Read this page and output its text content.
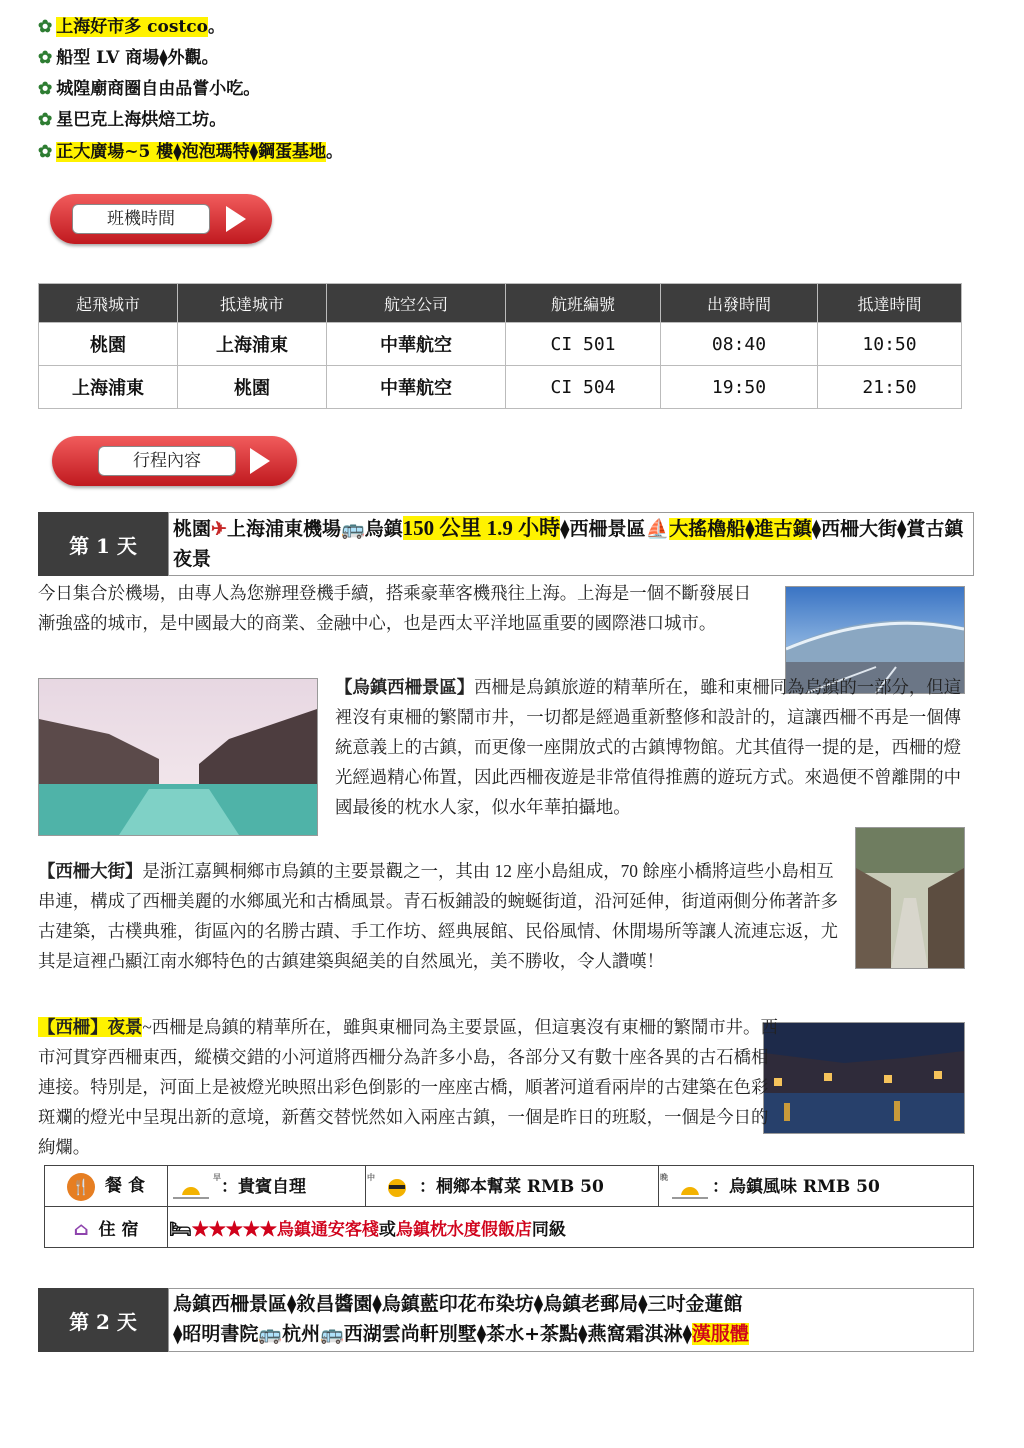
✿ 上海好市多 costco。
✿ 船型 LV 商場⧫外觀。
✿ 城隍廟商圈自由品嘗小吃。
✿ 星巴克上海烘焙工坊。
✿ 正大廣場~5 樓⧫泡泡瑪特⧫鋼蛋基地。
班機時間
起飛城市	抵達城市	航空公司	航班編號	出發時間	抵達時間
桃園	上海浦東	中華航空	CI 501	08:40	10:50
上海浦東	桃園	中華航空	CI 504	19:50	21:50
行程內容
第 1 天
桃園✈上海浦東機場🚌烏鎮150 公里 1.9 小時⧫西柵景區⛵大搖櫓船⧫進古鎮⧫西柵大街⧫賞古鎮夜景
今日集合於機場，由專人為您辦理登機手續，搭乘豪華客機飛往上海。上海是一個不斷發展日漸強盛的城市，是中國最大的商業、金融中心，也是西太平洋地區重要的國際港口城市。
【烏鎮西柵景區】西柵是烏鎮旅遊的精華所在，雖和東柵同為烏鎮的一部分，但這裡沒有東柵的繁鬧市井，一切都是經過重新整修和設計的，這讓西柵不再是一個傳統意義上的古鎮，而更像一座開放式的古鎮博物館。尤其值得一提的是，西柵的燈光經過精心佈置，因此西柵夜遊是非常值得推薦的遊玩方式。來過便不曾離開的中國最後的枕水人家，似水年華拍攝地。
【西柵大街】是浙江嘉興桐鄉市烏鎮的主要景觀之一，其由 12 座小島組成，70 餘座小橋將這些小島相互串連，構成了西柵美麗的水鄉風光和古橋風景。青石板鋪設的蜿蜒街道，沿河延伸，街道兩側分佈著許多古建築，古樸典雅，街區內的名勝古蹟、手工作坊、經典展館、民俗風情、休閒場所等讓人流連忘返，尤其是這裡凸顯江南水鄉特色的古鎮建築與絕美的自然風光，美不勝收，令人讚嘆！
【西柵】夜景~西柵是烏鎮的精華所在，雖與東柵同為主要景區，但這裏沒有東柵的繁鬧市井。西市河貫穿西柵東西，縱橫交錯的小河道將西柵分為許多小島，各部分又有數十座各異的古石橋相連接。特別是，河面上是被燈光映照出彩色倒影的一座座古橋，順著河道看兩岸的古建築在色彩斑斕的燈光中呈現出新的意境，新舊交替恍然如入兩座古鎮，一個是昨日的班駁，一個是今日的絢爛。
🍴 餐 食	$^早$：貴賓自理	$^中$ ：桐鄉本幫菜 RMB 50	$^晚$ ：烏鎮風味 RMB 50
⌂ 住 宿	🛏★★★★★烏鎮通安客棧或烏鎮枕水度假飯店同級		
第 2 天
烏鎮西柵景區⧫敘昌醬園⧫烏鎮藍印花布染坊⧫烏鎮老郵局⧫三吋金蓮館
⧫昭明書院🚌杭州🚌西湖雲尚軒別墅⧫茶水+茶點⧫燕窩霜淇淋⧫漢服體
